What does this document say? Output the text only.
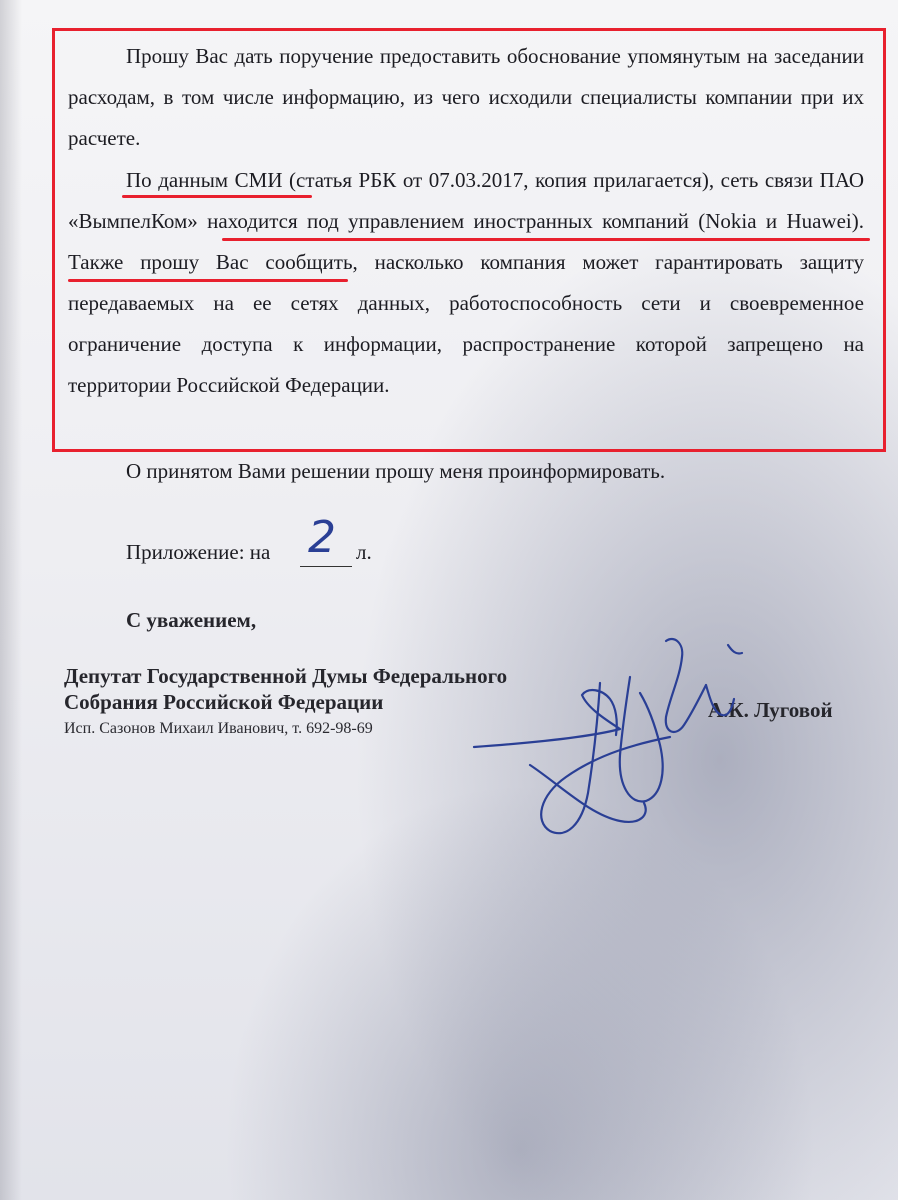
Прошу Вас дать поручение предоставить обоснование упомянутым на заседании расходам, в том числе информацию, из чего исходили специалисты компании при их расчете.

По данным СМИ (статья РБК от 07.03.2017, копия прилагается), сеть связи ПАО «ВымпелКом» находится под управлением иностранных компаний (Nokia и Huawei). Также прошу Вас сообщить, насколько компания может гарантировать защиту передаваемых на ее сетях данных, работоспособность сети и своевременное ограничение доступа к информации, распространение которой запрещено на территории Российской Федерации.

О принятом Вами решении прошу меня проинформировать.

Приложение: на 2 л.
С уважением,
Депутат Государственной Думы Федерального
Собрания Российской Федерации
Исп. Сазонов Михаил Иванович, т. 692-98-69
А.К. Луговой
